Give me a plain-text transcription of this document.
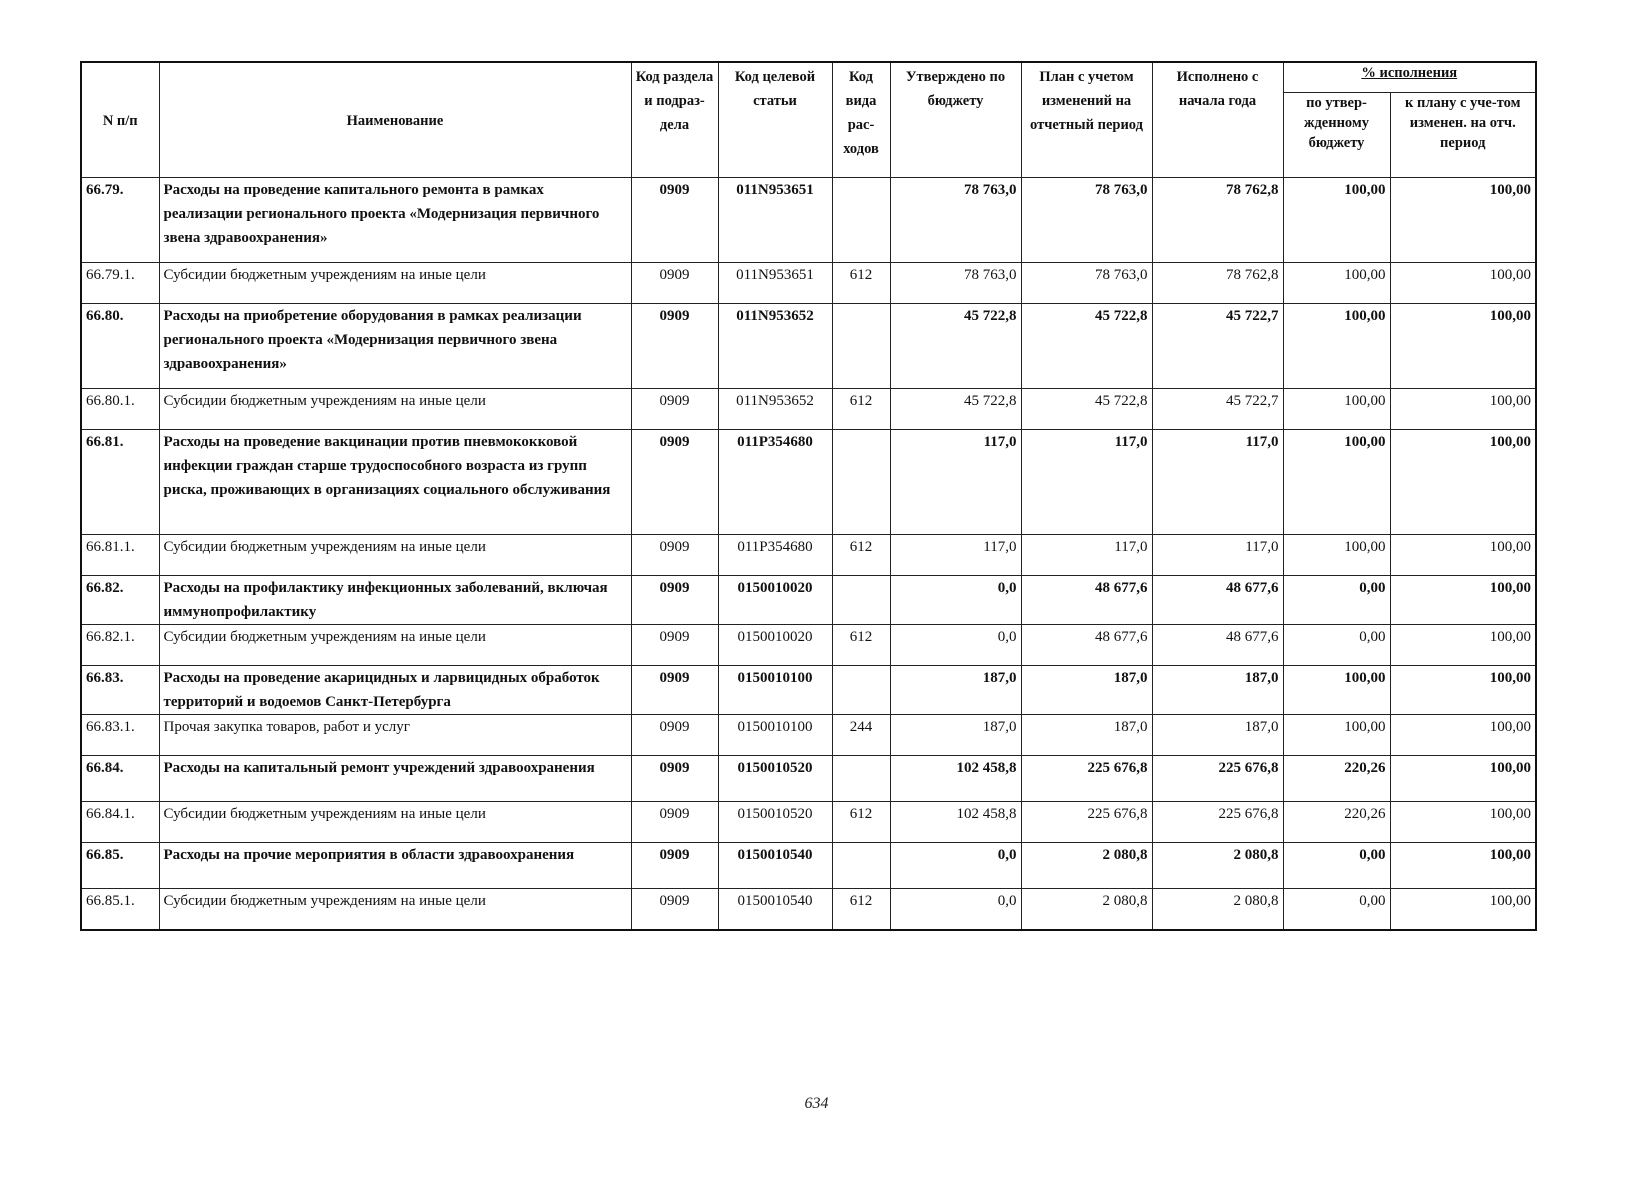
N п/п	Наименование	Код раздела и подраз-дела	Код целевой статьи	Код вида рас-ходов	Утверждено по бюджету	План с учетом изменений на отчетный период	Исполнено с начала года	% исполнения	
								по утвер-жденному бюджету	к плану с уче-том изменен. на отч. период
66.79.	Расходы на проведение капитального ремонта в рамках реализации регионального проекта «Модернизация первичного звена здравоохранения»	0909	011N953651		78 763,0	78 763,0	78 762,8	100,00	100,00
66.79.1.	Субсидии бюджетным учреждениям на иные цели	0909	011N953651	612	78 763,0	78 763,0	78 762,8	100,00	100,00
66.80.	Расходы на приобретение оборудования в рамках реализации регионального проекта «Модернизация первичного звена здравоохранения»	0909	011N953652		45 722,8	45 722,8	45 722,7	100,00	100,00
66.80.1.	Субсидии бюджетным учреждениям на иные цели	0909	011N953652	612	45 722,8	45 722,8	45 722,7	100,00	100,00
66.81.	Расходы на проведение вакцинации против пневмококковой инфекции граждан старше трудоспособного возраста из групп риска, проживающих в организациях социального обслуживания	0909	011P354680		117,0	117,0	117,0	100,00	100,00
66.81.1.	Субсидии бюджетным учреждениям на иные цели	0909	011P354680	612	117,0	117,0	117,0	100,00	100,00
66.82.	Расходы на профилактику инфекционных заболеваний, включая иммунопрофилактику	0909	0150010020		0,0	48 677,6	48 677,6	0,00	100,00
66.82.1.	Субсидии бюджетным учреждениям на иные цели	0909	0150010020	612	0,0	48 677,6	48 677,6	0,00	100,00
66.83.	Расходы на проведение акарицидных и ларвицидных обработок территорий и водоемов Санкт-Петербурга	0909	0150010100		187,0	187,0	187,0	100,00	100,00
66.83.1.	Прочая закупка товаров, работ и услуг	0909	0150010100	244	187,0	187,0	187,0	100,00	100,00
66.84.	Расходы на капитальный ремонт учреждений здравоохранения	0909	0150010520		102 458,8	225 676,8	225 676,8	220,26	100,00
66.84.1.	Субсидии бюджетным учреждениям на иные цели	0909	0150010520	612	102 458,8	225 676,8	225 676,8	220,26	100,00
66.85.	Расходы на прочие мероприятия в области здравоохранения	0909	0150010540		0,0	2 080,8	2 080,8	0,00	100,00
66.85.1.	Субсидии бюджетным учреждениям на иные цели	0909	0150010540	612	0,0	2 080,8	2 080,8	0,00	100,00
634
